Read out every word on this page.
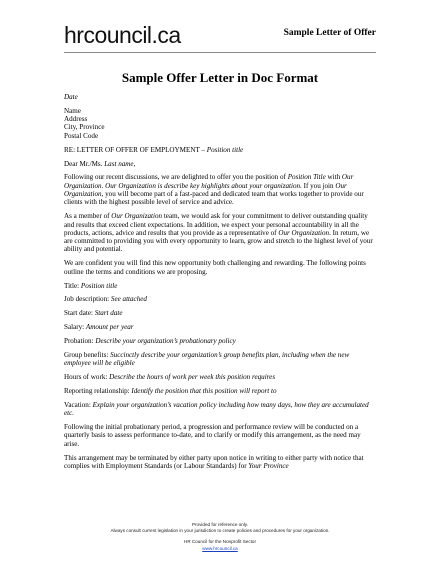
hrcouncil.ca	Sample Letter of Offer
Sample Offer Letter in Doc Format

Date

Name
Address
City, Province
Postal Code

RE: LETTER OF OFFER OF EMPLOYMENT – Position title

Dear Mr./Ms. Last name,

Following our recent discussions, we are delighted to offer you the position of Position Title with Our Organization. Our Organization is describe key highlights about your organization. If you join Our Organization, you will become part of a fast-paced and dedicated team that works together to provide our clients with the highest possible level of service and advice.

As a member of Our Organization team, we would ask for your commitment to deliver outstanding quality and results that exceed client expectations. In addition, we expect your personal accountability in all the products, actions, advice and results that you provide as a representative of Our Organization. In return, we are committed to providing you with every opportunity to learn, grow and stretch to the highest level of your ability and potential.

We are confident you will find this new opportunity both challenging and rewarding. The following points outline the terms and conditions we are proposing.

Title: Position title

Job description: See attached

Start date: Start date

Salary: Amount per year

Probation: Describe your organization’s probationary policy

Group benefits: Succinctly describe your organization’s group benefits plan, including when the new employee will be eligible

Hours of work: Describe the hours of work per week this position requires

Reporting relationship: Identify the position that this position will report to

Vacation: Explain your organization’s vacation policy including how many days, how they are accumulated etc.

Following the initial probationary period, a progression and performance review will be conducted on a quarterly basis to assess performance to-date, and to clarify or modify this arrangement, as the need may arise.

This arrangement may be terminated by either party upon notice in writing to either party with notice that complies with Employment Standards (or Labour Standards) for Your Province

Provided for reference only.
Always consult current legislation in your jurisdiction to create policies and procedures for your organization.
HR Council for the Nonprofit Sector
www.hrcouncil.ca
